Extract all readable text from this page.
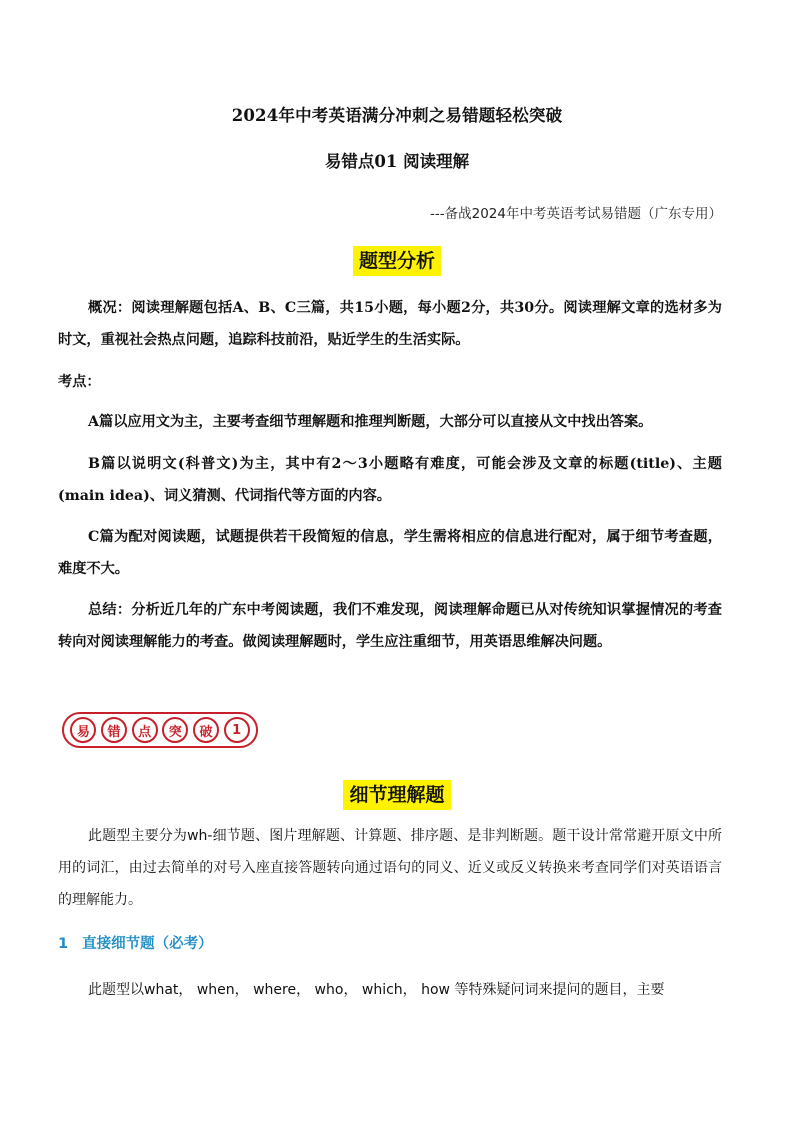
2024年中考英语满分冲刺之易错题轻松突破
易错点01 阅读理解
---备战2024年中考英语考试易错题（广东专用）
题型分析
概况：阅读理解题包括A、B、C三篇，共15小题，每小题2分，共30分。阅读理解文章的选材多为时文，重视社会热点问题，追踪科技前沿，贴近学生的生活实际。
考点：
A篇以应用文为主，主要考查细节理解题和推理判断题，大部分可以直接从文中找出答案。
B篇以说明文(科普文)为主，其中有2～3小题略有难度，可能会涉及文章的标题(title)、主题(main idea)、词义猜测、代词指代等方面的内容。
C篇为配对阅读题，试题提供若干段简短的信息，学生需将相应的信息进行配对，属于细节考查题，难度不大。
总结：分析近几年的广东中考阅读题，我们不难发现，阅读理解命题已从对传统知识掌握情况的考查转向对阅读理解能力的考查。做阅读理解题时，学生应注重细节，用英语思维解决问题。
易	错	点	突	破	1
细节理解题
此题型主要分为wh-细节题、图片理解题、计算题、排序题、是非判断题。题干设计常常避开原文中所用的词汇，由过去简单的对号入座直接答题转向通过语句的同义、近义或反义转换来考查同学们对英语语言的理解能力。
1 直接细节题（必考）
此题型以what， when， where， who， which， how 等特殊疑问词来提问的题目，主要
